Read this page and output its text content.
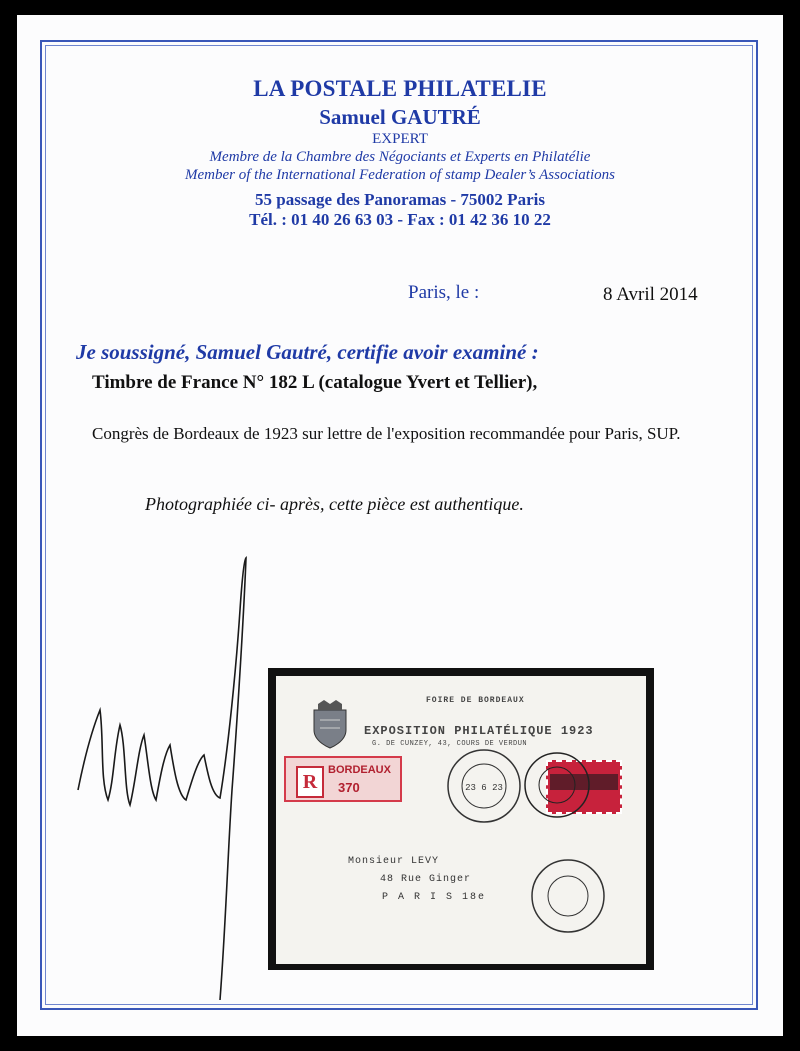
LA POSTALE PHILATELIE
Samuel GAUTRÉ
EXPERT
Membre de la Chambre des Négociants et Experts en Philatélie
Member of the International Federation of stamp Dealer’s Associations
55 passage des Panoramas - 75002 Paris
Tél. : 01 40 26 63 03 - Fax : 01 42 36 10 22
Paris, le :	8 Avril 2014
Je soussigné, Samuel Gautré, certifie avoir examiné :
Timbre de France N° 182 L (catalogue Yvert et Tellier),
Congrès de Bordeaux de 1923 sur lettre de l'exposition recommandée pour Paris, SUP.
Photographiée ci- après, cette pièce est authentique.
FOIRE DE BORDEAUX
EXPOSITION PHILATÉLIQUE 1923
G. DE CUNZEY, 43, COURS DE VERDUN
R
BORDEAUX
370	23 6 23
Monsieur LEVY
48 Rue Ginger
P A R I S 18e
